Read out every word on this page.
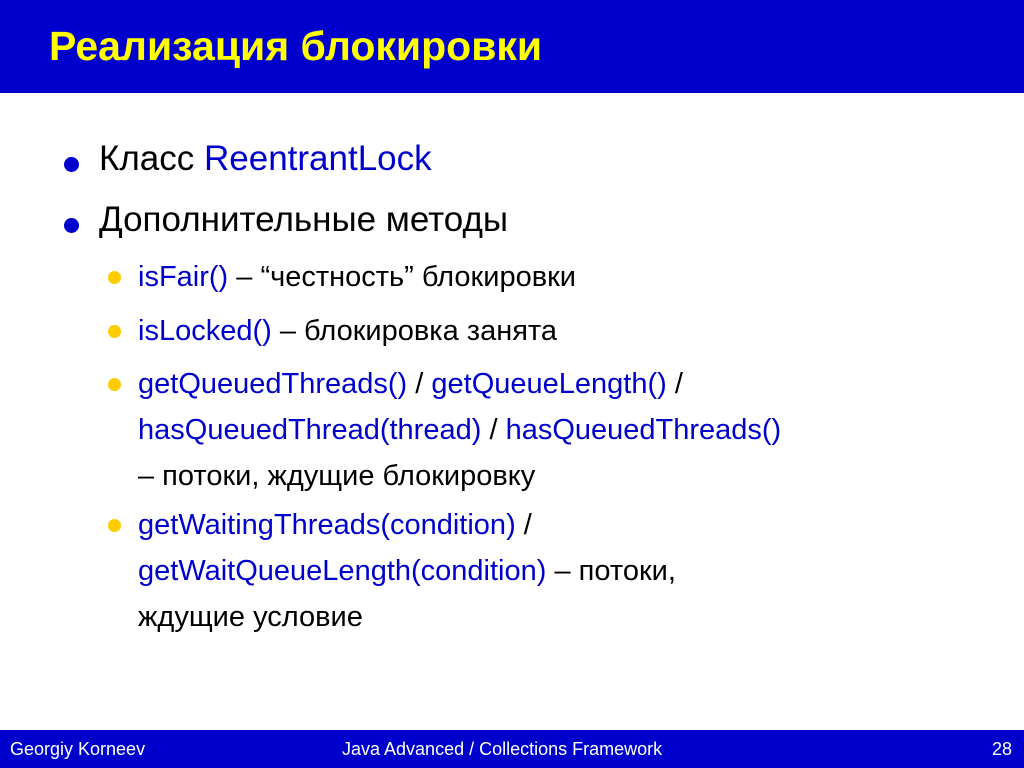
Реализация блокировки
Класс ReentrantLock
Дополнительные методы
isFair() – “честность” блокировки
isLocked() – блокировка занята
getQueuedThreads() / getQueueLength() /
hasQueuedThread(thread) / hasQueuedThreads()
– потоки, ждущие блокировку
getWaitingThreads(condition) /
getWaitQueueLength(condition) – потоки,
ждущие условие
Georgiy Korneev	Java Advanced / Collections Framework	28
